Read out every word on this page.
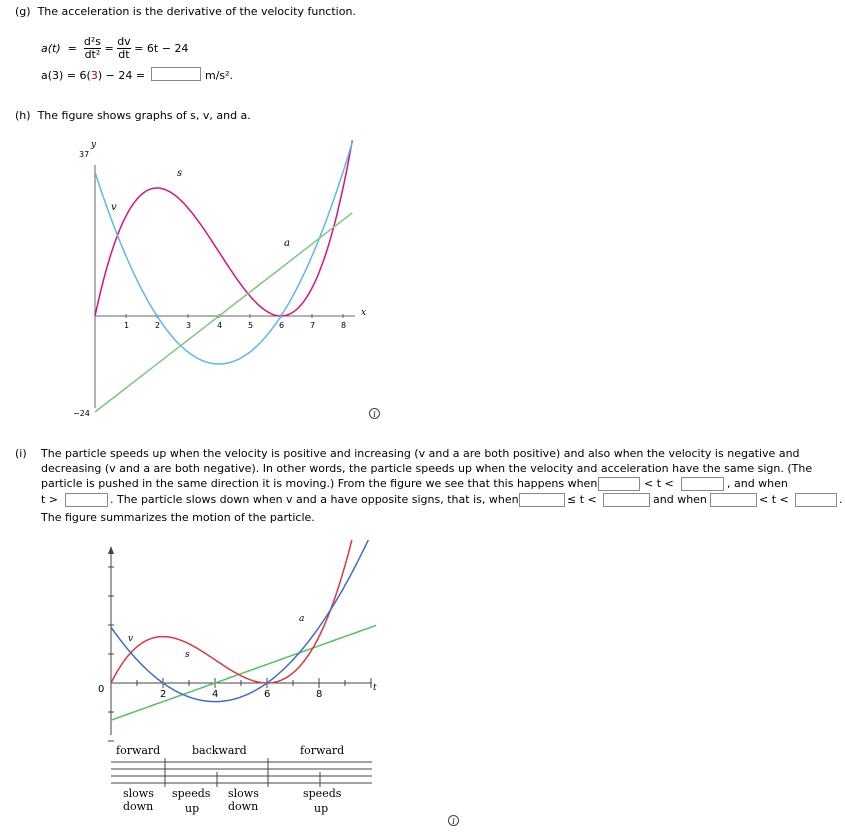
(g) The acceleration is the derivative of the velocity function.
a(t)
=
$\frac{\text{d²s}}{\text{dt²}}$
=
$\frac{dv}{dt}$
= 6t − 24
a(3) = 6(3) − 24 =	m/s².
(h) The figure shows graphs of s, v, and a.
1	2	3	4	5	6	7	8
y
37
−24
x
s
v
a
i
(i) The particle speeds up when the velocity is positive and increasing (v and a are both positive) and also when the velocity is negative and
decreasing (v and a are both negative). In other words, the particle speeds up when the velocity and acceleration have the same sign. (The
particle is pushed in the same direction it is moving.) From the figure we see that this happens when	< t <	, and when
t >	. The particle slows down when v and a have opposite signs, that is, when	≤ t <	and when	< t <	.
The figure summarizes the motion of the particle.
2	4	6	8
0	t
v
s
a
forward	backward	forward
slows
down
speeds
up
slows
down
speeds
up
i
